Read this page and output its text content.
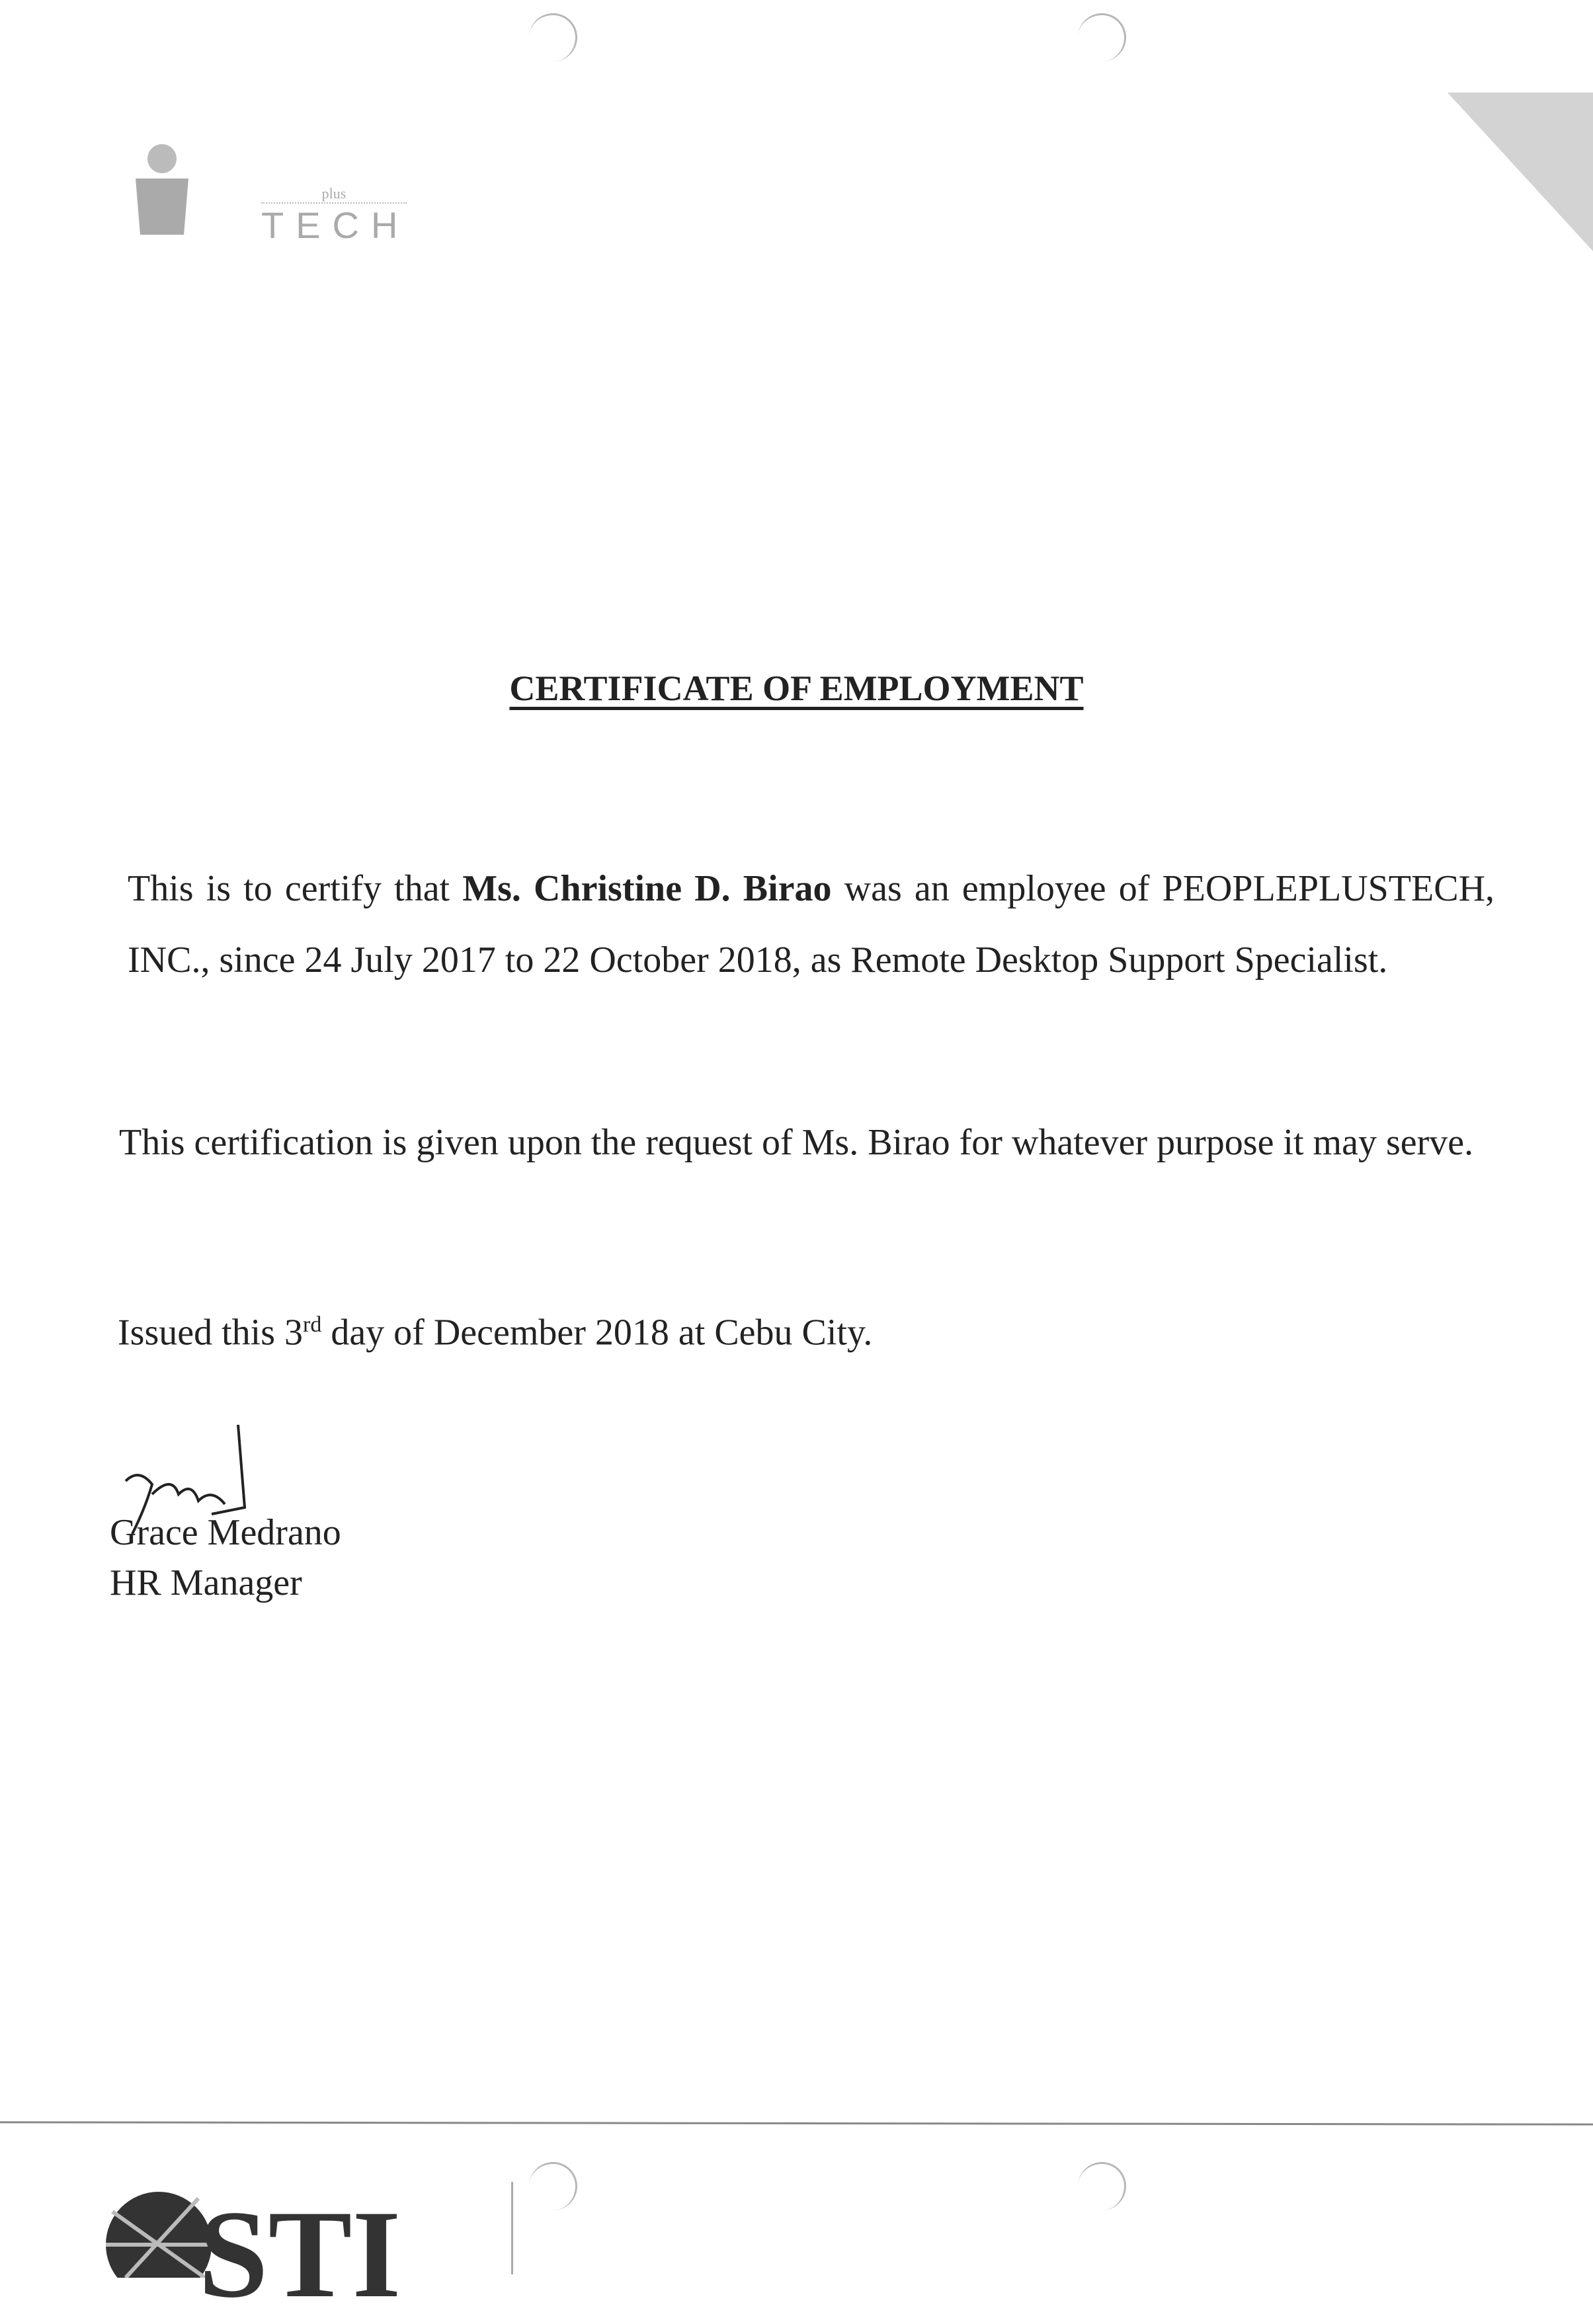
plus
TECH
CERTIFICATE OF EMPLOYMENT
This is to certify that Ms. Christine D. Birao was an employee of PEOPLEPLUSTECH, INC., since 24 July 2017 to 22 October 2018, as Remote Desktop Support Specialist.
This certification is given upon the request of Ms. Birao for whatever purpose it may serve.
Issued this 3rd day of December 2018 at Cebu City.
Grace Medrano
HR Manager
STI
